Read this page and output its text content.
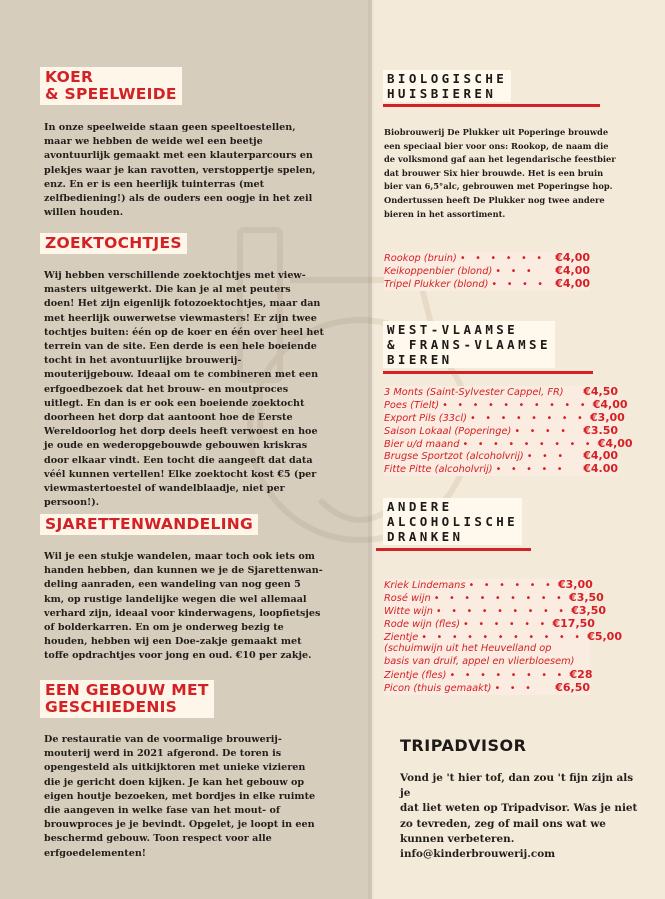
KOER
& SPEELWEIDE
In onze speelweide staan geen speeltoestellen, maar we hebben de weide wel een beetje avontuurlijk gemaakt met een klauterparcours en plekjes waar je kan ravotten, verstoppertje spelen, enz. En er is een heerlijk tuinterras (met zelfbediening!) als de ouders een oogje in het zeil willen houden.
ZOEKTOCHTJES
Wij hebben verschillende zoektochtjes met view-masters uitgewerkt. Die kan je al met peuters doen! Het zijn eigenlijk fotozoektochtjes, maar dan met heerlijk ouwerwetse viewmasters! Er zijn twee tochtjes buiten: één op de koer en één over heel het terrein van de site. Een derde is een hele boeiende tocht in het avontuurlijke brouwerij-mouterijgebouw. Ideaal om te combineren met een erfgoedbezoek dat het brouw- en moutproces uitlegt. En dan is er ook een boeiende zoektocht doorheen het dorp dat aantoont hoe de Eerste Wereldoorlog het dorp deels heeft verwoest en hoe je oude en wederopgebouwde gebouwen kriskras door elkaar vindt. Een tocht die aangeeft dat data véél kunnen vertellen! Elke zoektocht kost €5 (per viewmastertoestel of wandelblaadje, niet per persoon!).
SJARETTENWANDELING
Wil je een stukje wandelen, maar toch ook iets om handen hebben, dan kunnen we je de Sjarettenwan-deling aanraden, een wandeling van nog geen 5 km, op rustige landelijke wegen die wel allemaal verhard zijn, ideaal voor kinderwagens, loopfietsjes of bolderkarren. En om je onderweg bezig te houden, hebben wij een Doe-zakje gemaakt met toffe opdrachtjes voor jong en oud. €10 per zakje.
EEN GEBOUW MET
GESCHIEDENIS
De restauratie van de voormalige brouwerij-mouterij werd in 2021 afgerond. De toren is opengesteld als uitkijktoren met unieke vizieren die je gericht doen kijken. Je kan het gebouw op eigen houtje bezoeken, met bordjes in elke ruimte die aangeven in welke fase van het mout- of brouwproces je je bevindt. Opgelet, je loopt in een beschermd gebouw. Toon respect voor alle erfgoedelementen!
BIOLOGISCHE
HUISBIEREN
Biobrouwerij De Plukker uit Poperinge brouwde een speciaal bier voor ons: Rookop, de naam die de volksmond gaf aan het legendarische feestbier dat brouwer Six hier brouwde. Het is een bruin bier van 6,5°alc, gebrouwen met Poperingse hop. Ondertussen heeft De Plukker nog twee andere bieren in het assortiment.
Rookop (bruin) • • • • • • €4,00
Keikoppenbier (blond) • • •	€4,00
Tripel Plukker (blond) • • • • €4,00
WEST-VLAAMSE
& FRANS-VLAAMSE
BIEREN
3 Monts (Saint-Sylvester Cappel, FR) €4,50
Poes (Tielt) • • • • • • • • • • €4,00
Export Pils (33cl) • • • • • • • • €3,00
Saison Lokaal (Poperinge) • • • •	€3.50
Bier u/d maand • • • • • • • • • €4,00
Brugse Sportzot (alcoholvrij) • • •	€4,00
Fitte Pitte (alcoholvrij) • • • • •	€4.00
ANDERE
ALCOHOLISCHE
DRANKEN
Kriek Lindemans • • • • • • €3,00
Rosé wijn • • • • • • • • • €3,50
Witte wijn • • • • • • • • • €3,50
Rode wijn (fles) • • • • • • €17,50
Zientje • • • • • • • • • • • €5,00
(schuimwijn uit het Heuvelland op
basis van druif, appel en vlierbloesem)
Zientje (fles) • • • • • • • • €28
Picon (thuis gemaakt) • • •	€6,50
TRIPADVISOR
Vond je 't hier tof, dan zou 't fijn zijn als je
dat liet weten op Tripadvisor. Was je niet
zo tevreden, zeg of mail ons wat we
kunnen verbeteren.
info@kinderbrouwerij.com
